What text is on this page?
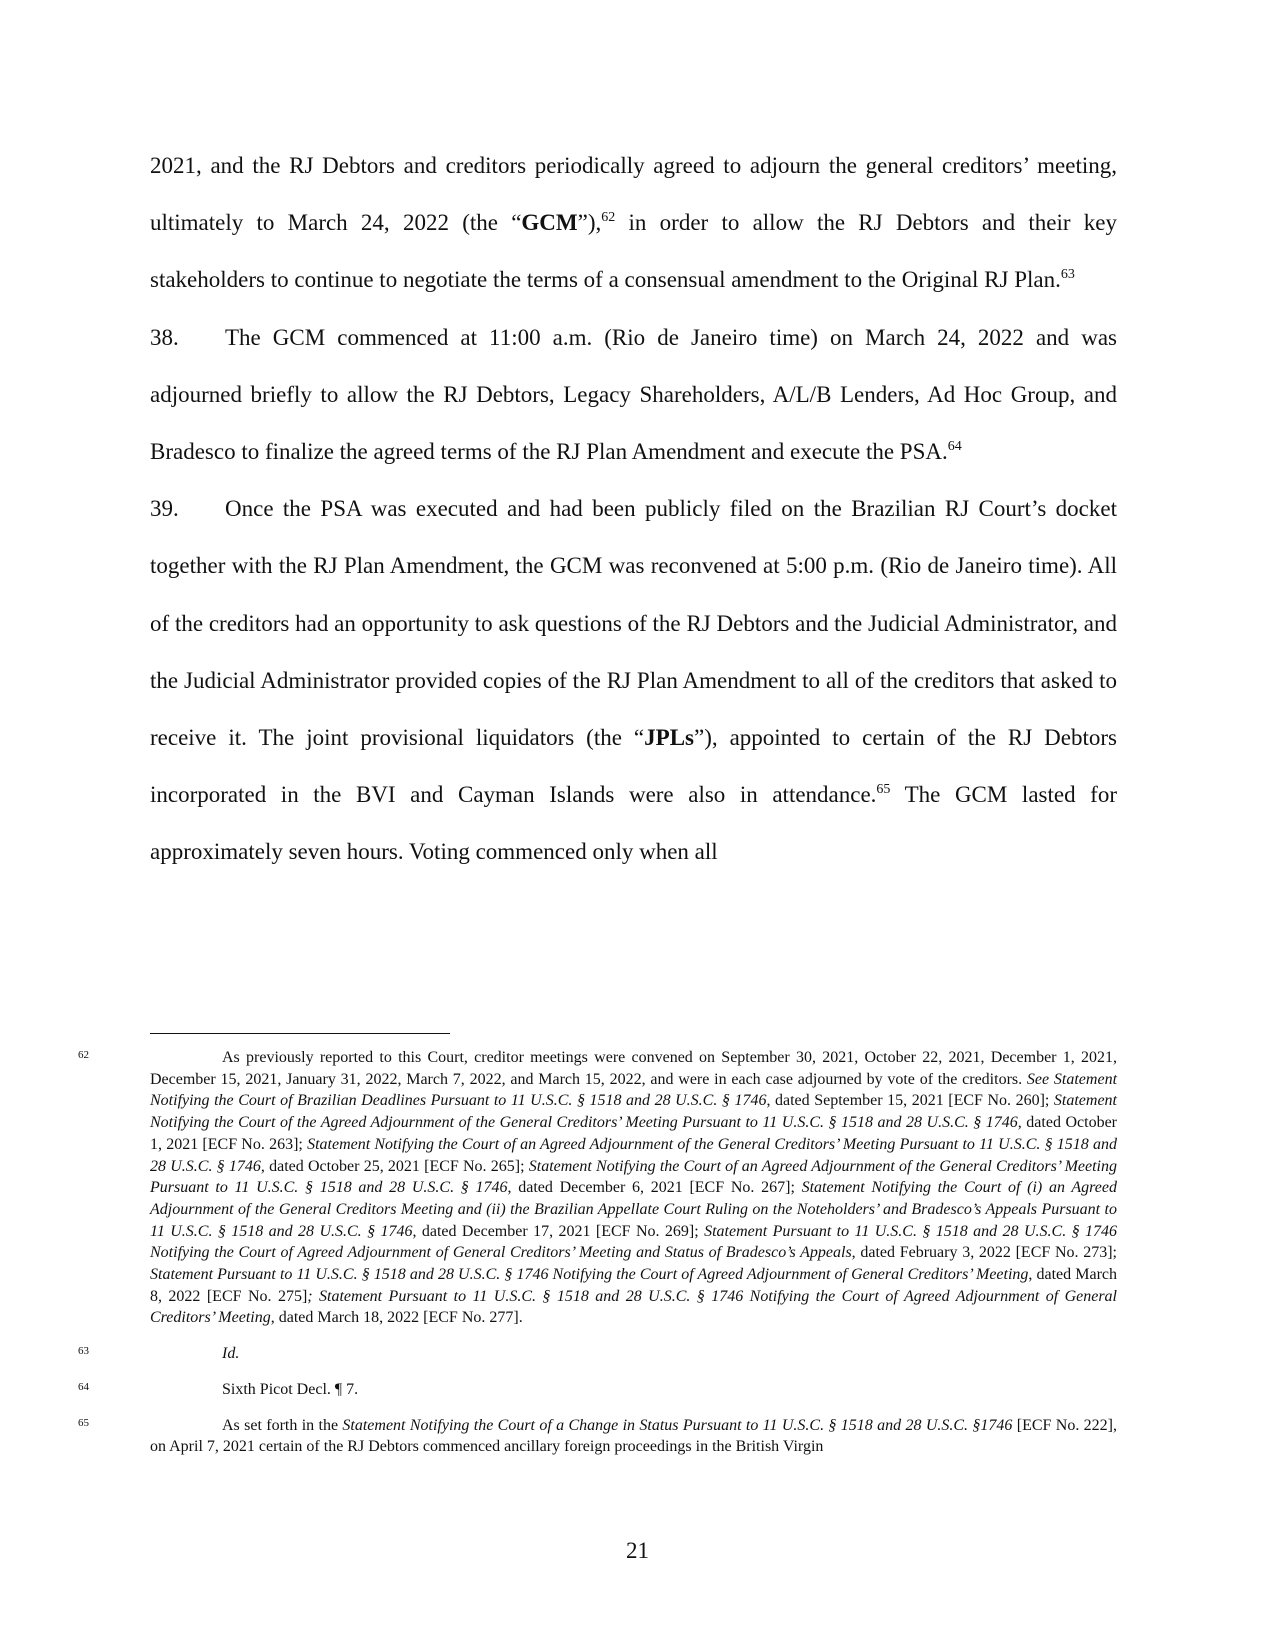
2021, and the RJ Debtors and creditors periodically agreed to adjourn the general creditors’ meeting, ultimately to March 24, 2022 (the “GCM”),$^{62}$ in order to allow the RJ Debtors and their key stakeholders to continue to negotiate the terms of a consensual amendment to the Original RJ Plan.$^{63}$

38. The GCM commenced at 11:00 a.m. (Rio de Janeiro time) on March 24, 2022 and was adjourned briefly to allow the RJ Debtors, Legacy Shareholders, A/L/B Lenders, Ad Hoc Group, and Bradesco to finalize the agreed terms of the RJ Plan Amendment and execute the PSA.$^{64}$

39. Once the PSA was executed and had been publicly filed on the Brazilian RJ Court’s docket together with the RJ Plan Amendment, the GCM was reconvened at 5:00 p.m. (Rio de Janeiro time). All of the creditors had an opportunity to ask questions of the RJ Debtors and the Judicial Administrator, and the Judicial Administrator provided copies of the RJ Plan Amendment to all of the creditors that asked to receive it. The joint provisional liquidators (the “JPLs”), appointed to certain of the RJ Debtors incorporated in the BVI and Cayman Islands were also in attendance.$^{65}$ The GCM lasted for approximately seven hours. Voting commenced only when all

62	As previously reported to this Court, creditor meetings were convened on September 30, 2021, October 22, 2021, December 1, 2021, December 15, 2021, January 31, 2022, March 7, 2022, and March 15, 2022, and were in each case adjourned by vote of the creditors. See Statement Notifying the Court of Brazilian Deadlines Pursuant to 11 U.S.C. § 1518 and 28 U.S.C. § 1746, dated September 15, 2021 [ECF No. 260]; Statement Notifying the Court of the Agreed Adjournment of the General Creditors’ Meeting Pursuant to 11 U.S.C. § 1518 and 28 U.S.C. § 1746, dated October 1, 2021 [ECF No. 263]; Statement Notifying the Court of an Agreed Adjournment of the General Creditors’ Meeting Pursuant to 11 U.S.C. § 1518 and 28 U.S.C. § 1746, dated October 25, 2021 [ECF No. 265]; Statement Notifying the Court of an Agreed Adjournment of the General Creditors’ Meeting Pursuant to 11 U.S.C. § 1518 and 28 U.S.C. § 1746, dated December 6, 2021 [ECF No. 267]; Statement Notifying the Court of (i) an Agreed Adjournment of the General Creditors Meeting and (ii) the Brazilian Appellate Court Ruling on the Noteholders’ and Bradesco’s Appeals Pursuant to 11 U.S.C. § 1518 and 28 U.S.C. § 1746, dated December 17, 2021 [ECF No. 269]; Statement Pursuant to 11 U.S.C. § 1518 and 28 U.S.C. § 1746 Notifying the Court of Agreed Adjournment of General Creditors’ Meeting and Status of Bradesco’s Appeals, dated February 3, 2022 [ECF No. 273]; Statement Pursuant to 11 U.S.C. § 1518 and 28 U.S.C. § 1746 Notifying the Court of Agreed Adjournment of General Creditors’ Meeting, dated March 8, 2022 [ECF No. 275]; Statement Pursuant to 11 U.S.C. § 1518 and 28 U.S.C. § 1746 Notifying the Court of Agreed Adjournment of General Creditors’ Meeting, dated March 18, 2022 [ECF No. 277].

63	Id.

64	Sixth Picot Decl. ¶ 7.

65	As set forth in the Statement Notifying the Court of a Change in Status Pursuant to 11 U.S.C. § 1518 and 28 U.S.C. §1746 [ECF No. 222], on April 7, 2021 certain of the RJ Debtors commenced ancillary foreign proceedings in the British Virgin

21
